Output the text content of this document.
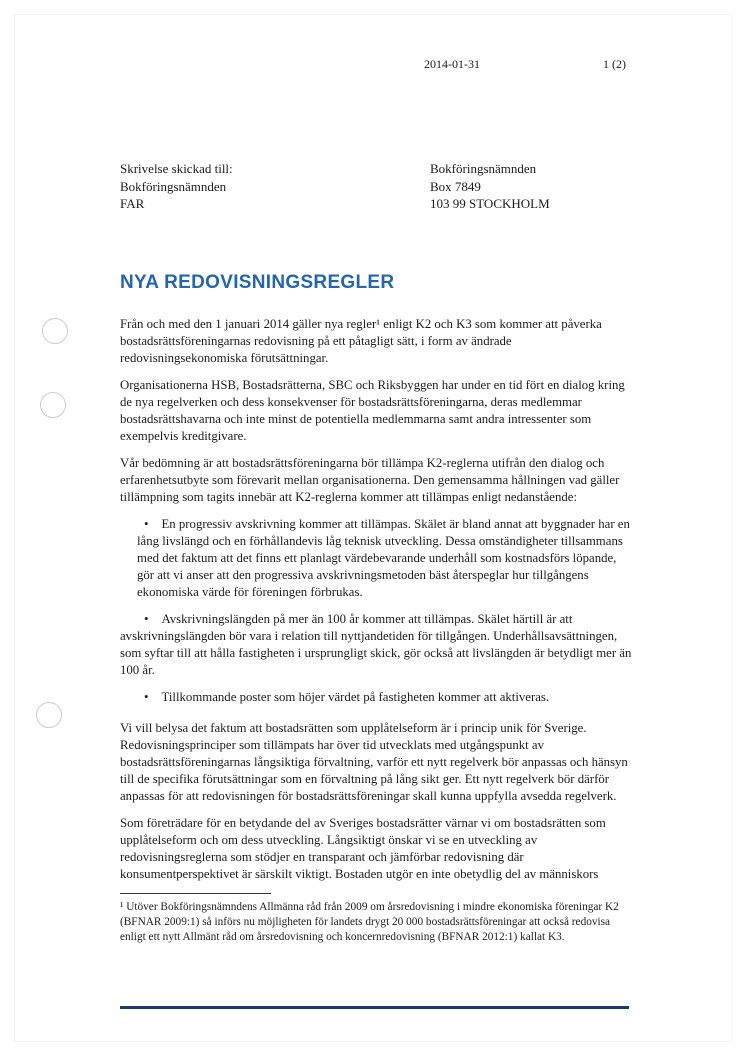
2014-01-31	1 (2)
Skrivelse skickad till:
Bokföringsnämnden
FAR
Bokföringsnämnden
Box 7849
103 99 STOCKHOLM
NYA REDOVISNINGSREGLER

Från och med den 1 januari 2014 gäller nya regler¹ enligt K2 och K3 som kommer att påverka bostadsrättsföreningarnas redovisning på ett påtagligt sätt, i form av ändrade redovisningsekonomiska förutsättningar.

Organisationerna HSB, Bostadsrätterna, SBC och Riksbyggen har under en tid fört en dialog kring de nya regelverken och dess konsekvenser för bostadsrättsföreningarna, deras medlemmar bostadsrättshavarna och inte minst de potentiella medlemmarna samt andra intressenter som exempelvis kreditgivare.

Vår bedömning är att bostadsrättsföreningarna bör tillämpa K2-reglerna utifrån den dialog och erfarenhetsutbyte som förevarit mellan organisationerna. Den gemensamma hållningen vad gäller tillämpning som tagits innebär att K2-reglerna kommer att tillämpas enligt nedanstående:

• En progressiv avskrivning kommer att tillämpas. Skälet är bland annat att byggnader har en lång livslängd och en förhållandevis låg teknisk utveckling. Dessa omständigheter tillsammans med det faktum att det finns ett planlagt värdebevarande underhåll som kostnadsförs löpande, gör att vi anser att den progressiva avskrivningsmetoden bäst återspeglar hur tillgångens ekonomiska värde för föreningen förbrukas.

• Avskrivningslängden på mer än 100 år kommer att tillämpas. Skälet härtill är att avskrivningslängden bör vara i relation till nyttjandetiden för tillgången. Underhållsavsättningen, som syftar till att hålla fastigheten i ursprungligt skick, gör också att livslängden är betydligt mer än 100 år.

• Tillkommande poster som höjer värdet på fastigheten kommer att aktiveras.

Vi vill belysa det faktum att bostadsrätten som upplåtelseform är i princip unik för Sverige. Redovisningsprinciper som tillämpats har över tid utvecklats med utgångspunkt av bostadsrättsföreningarnas långsiktiga förvaltning, varför ett nytt regelverk bör anpassas och hänsyn till de specifika förutsättningar som en förvaltning på lång sikt ger. Ett nytt regelverk bör därför anpassas för att redovisningen för bostadsrättsföreningar skall kunna uppfylla avsedda regelverk.

Som företrädare för en betydande del av Sveriges bostadsrätter värnar vi om bostadsrätten som upplåtelseform och om dess utveckling. Långsiktigt önskar vi se en utveckling av redovisningsreglerna som stödjer en transparant och jämförbar redovisning där konsumentperspektivet är särskilt viktigt. Bostaden utgör en inte obetydlig del av människors

¹ Utöver Bokföringsnämndens Allmänna råd från 2009 om årsredovisning i mindre ekonomiska föreningar K2 (BFNAR 2009:1) så införs nu möjligheten för landets drygt 20 000 bostadsrättsföreningar att också redovisa enligt ett nytt Allmänt råd om årsredovisning och koncernredovisning (BFNAR 2012:1) kallat K3.
